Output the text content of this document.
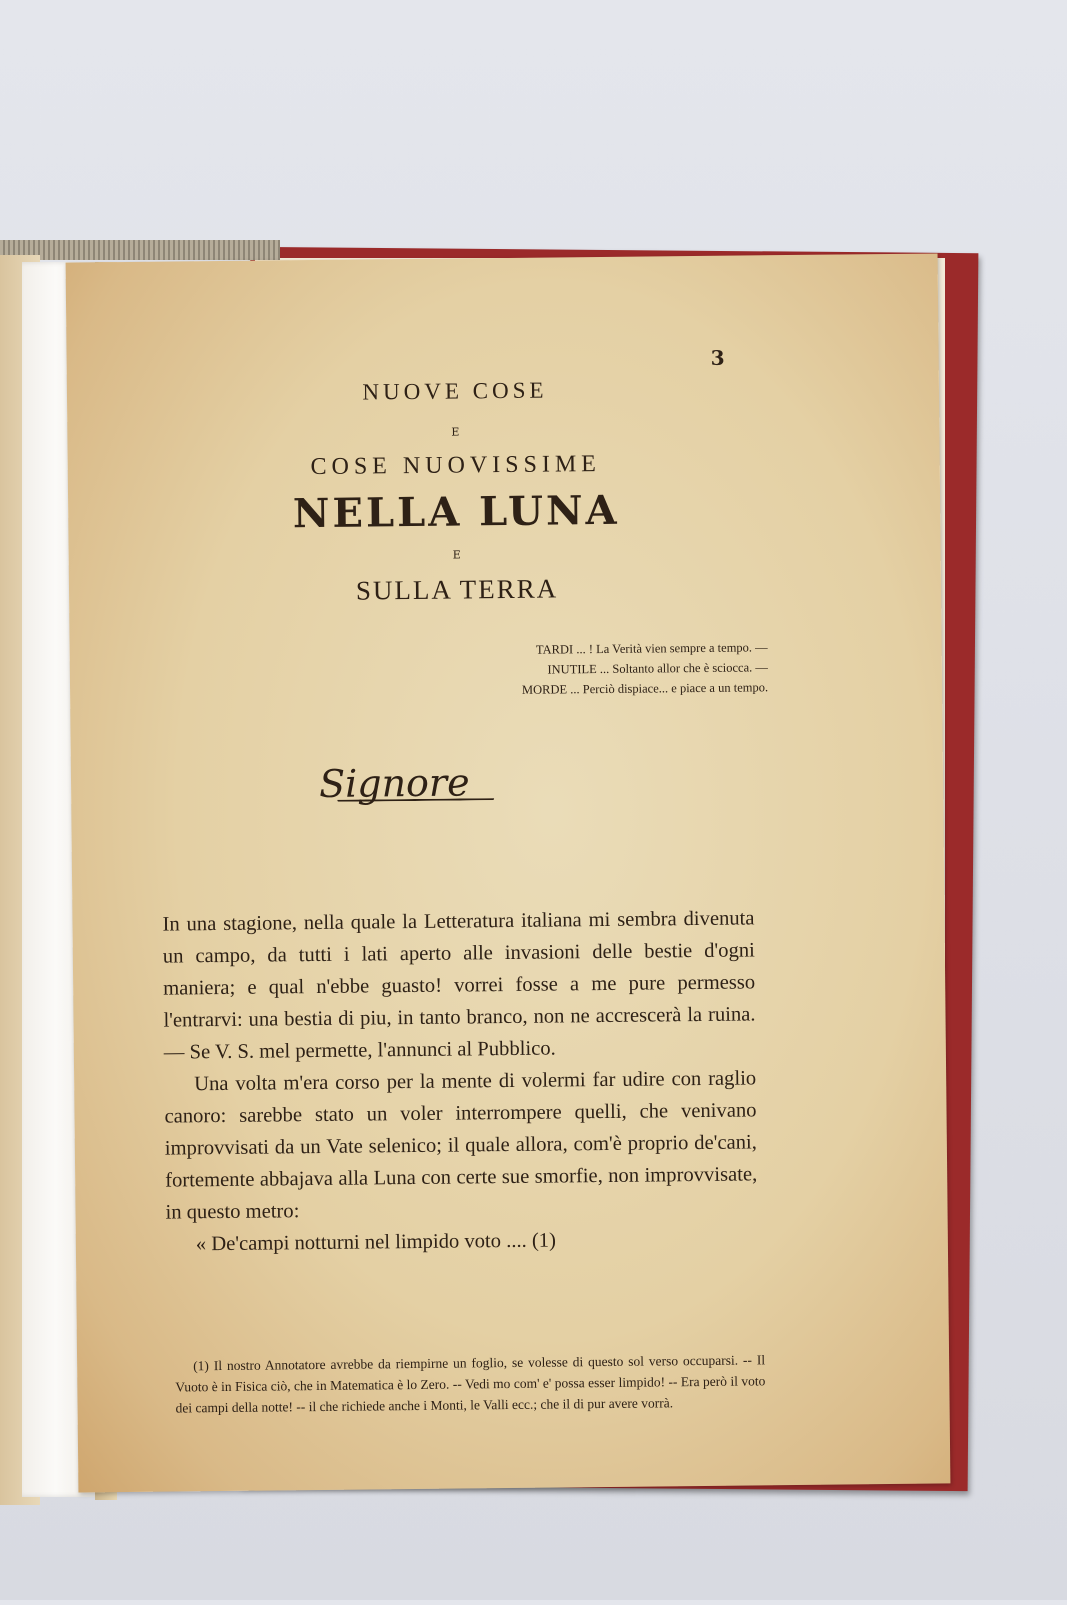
3
NUOVE COSE
E
COSE NUOVISSIME
NELLA LUNA
E
SULLA TERRA
TARDI ... ! La Verità vien sempre a tempo. —
INUTILE ... Soltanto allor che è sciocca. —
MORDE ... Perciò dispiace... e piace a un tempo.
Signore

In una stagione, nella quale la Letteratura italiana mi sembra divenuta un campo, da tutti i lati aperto alle invasioni delle bestie d'ogni maniera; e qual n'ebbe guasto! vorrei fosse a me pure permesso l'entrarvi: una bestia di piu, in tanto branco, non ne accrescerà la ruina. — Se V. S. mel permette, l'annunci al Pubblico.

Una volta m'era corso per la mente di volermi far udire con raglio canoro: sarebbe stato un voler interrompere quelli, che venivano improvvisati da un Vate selenico; il quale allora, com'è proprio de'cani, fortemente abbajava alla Luna con certe sue smorfie, non improvvisate, in questo metro:

« De'campi notturni nel limpido voto .... (1)

(1) Il nostro Annotatore avrebbe da riempirne un foglio, se volesse di questo sol verso occuparsi. -- Il Vuoto è in Fisica ciò, che in Matematica è lo Zero. -- Vedi mo com' e' possa esser limpido! -- Era però il voto dei campi della notte! -- il che richiede anche i Monti, le Valli ecc.; che il di pur avere vorrà.
